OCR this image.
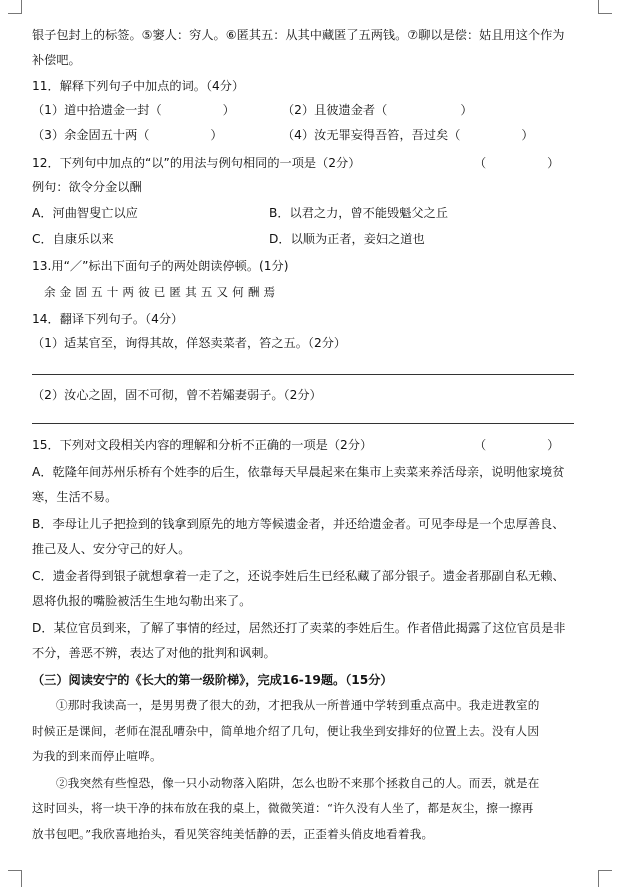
银子包封上的标签。⑤窭人：穷人。⑥匿其五：从其中藏匿了五两钱。⑦聊以是偿：姑且用这个作为
补偿吧。
11．解释下列句子中加点的词。（4分）
（1）道中拾遗金一封（　　　　　）	（2）且彼遗金者（　　　　　　）
（3）余金固五十两（　　　　　）	（4）汝无罪妄得吾笞，吾过矣（　　　　　）
12．下列句中加点的“以”的用法与例句相同的一项是（2分）	（　　　　　）
例句：欲令分金以酬
A．河曲智叟亡以应	B．以君之力，曾不能毁魁父之丘
C．自康乐以来	D．以顺为正者，妾妇之道也
13.用“／”标出下面句子的两处朗读停顿。(1分)
余 金 固 五 十 两 彼 已 匿 其 五 又 何 酬 焉
14．翻译下列句子。（4分）
（1）适某官至，询得其故，佯怒卖菜者，笞之五。（2分）
（2）汝心之固，固不可彻，曾不若孀妻弱子。（2分）
15．下列对文段相关内容的理解和分析不正确的一项是（2分）	（　　　　　）
A．乾隆年间苏州乐桥有个姓李的后生，依靠每天早晨起来在集市上卖菜来养活母亲，说明他家境贫
寒，生活不易。
B．李母让儿子把捡到的钱拿到原先的地方等候遗金者，并还给遗金者。可见李母是一个忠厚善良、
推己及人、安分守己的好人。
C．遗金者得到银子就想拿着一走了之，还说李姓后生已经私藏了部分银子。遗金者那副自私无赖、
恩将仇报的嘴脸被活生生地勾勒出来了。
D．某位官员到来，了解了事情的经过，居然还打了卖菜的李姓后生。作者借此揭露了这位官员是非
不分，善恶不辨，表达了对他的批判和讽刺。
（三）阅读安宁的《长大的第一级阶梯》，完成16-19题。（15分）
①那时我读高一，是男男费了很大的劲，才把我从一所普通中学转到重点高中。我走进教室的
时候正是课间，老师在混乱嘈杂中，简单地介绍了几句，便让我坐到安排好的位置上去。没有人因
为我的到来而停止喧哗。
②我突然有些惶恐，像一只小动物落入陷阱，怎么也盼不来那个拯救自己的人。而丟，就是在
这时回头，将一块干净的抹布放在我的桌上，微微笑道：“许久没有人坐了，都是灰尘，擦一擦再
放书包吧。”我欣喜地抬头，看见笑容纯美恬静的丟，正歪着头俏皮地看着我。
